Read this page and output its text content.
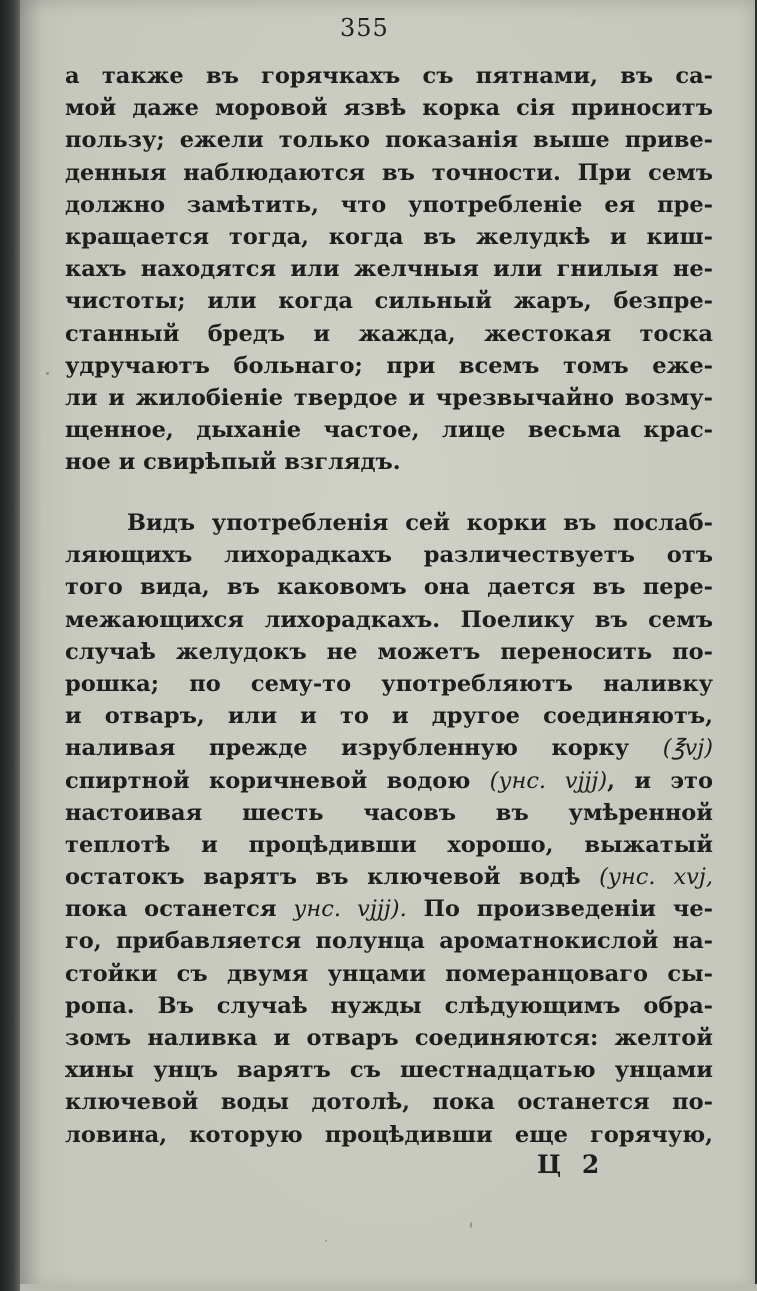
355
а также въ горячкахъ съ пятнами, въ са-
мой даже моровой язвѣ корка сія приноситъ
пользу; ежели только показанія выше приве-
денныя наблюдаются въ точности. При семъ
должно замѣтить, что употребленіе ея пре-
кращается тогда, когда въ желудкѣ и киш-
кахъ находятся или желчныя или гнилыя не-
чистоты; или когда сильный жаръ, безпре-
станный бредъ и жажда, жестокая тоска
удручаютъ больнаго; при всемъ томъ еже-
ли и жилобіеніе твердое и чрезвычайно возму-
щенное, дыханіе частое, лице весьма крас-
ное и свирѣпый взглядъ.
Видъ употребленія сей корки въ послаб-
ляющихъ лихорадкахъ различествуетъ отъ
того вида, въ каковомъ она дается въ пере-
межающихся лихорадкахъ. Поелику въ семъ
случаѣ желудокъ не можетъ переносить по-
рошка; по сему-то употребляютъ наливку
и отваръ, или и то и другое соединяютъ,
наливая прежде изрубленную корку (℥vj)
спиртной коричневой водою (унс. vjjj), и это
настоивая шесть часовъ въ умѣренной
теплотѣ и процѣдивши хорошо, выжатый
остатокъ варятъ въ ключевой водѣ (унс. xvj,
пока останется унс. vjjj). По произведеніи че-
го, прибавляется полунца ароматнокислой на-
стойки съ двумя унцами померанцоваго сы-
ропа. Въ случаѣ нужды слѣдующимъ обра-
зомъ наливка и отваръ соединяются: желтой
хины унцъ варятъ съ шестнадцатью унцами
ключевой воды дотолѣ, пока останется по-
ловина, которую процѣдивши еще горячую,
Ц 2
